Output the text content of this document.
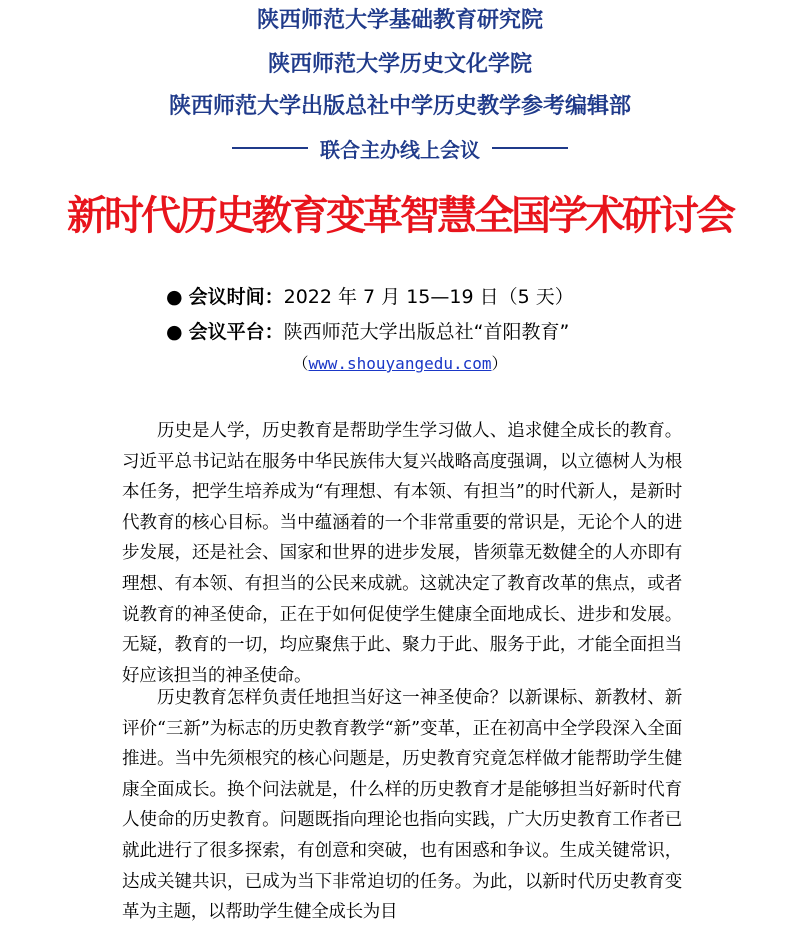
陕西师范大学基础教育研究院
陕西师范大学历史文化学院
陕西师范大学出版总社中学历史教学参考编辑部
联合主办线上会议
新时代历史教育变革智慧全国学术研讨会
● 会议时间：2022 年 7 月 15—19 日（5 天）
● 会议平台：陕西师范大学出版总社“首阳教育”
（www.shouyangedu.com）

历史是人学，历史教育是帮助学生学习做人、追求健全成长的教育。习近平总书记站在服务中华民族伟大复兴战略高度强调，以立德树人为根本任务，把学生培养成为“有理想、有本领、有担当”的时代新人，是新时代教育的核心目标。当中蕴涵着的一个非常重要的常识是，无论个人的进步发展，还是社会、国家和世界的进步发展，皆须靠无数健全的人亦即有理想、有本领、有担当的公民来成就。这就决定了教育改革的焦点，或者说教育的神圣使命，正在于如何促使学生健康全面地成长、进步和发展。无疑，教育的一切，均应聚焦于此、聚力于此、服务于此，才能全面担当好应该担当的神圣使命。

历史教育怎样负责任地担当好这一神圣使命？以新课标、新教材、新评价“三新”为标志的历史教育教学“新”变革，正在初高中全学段深入全面推进。当中先须根究的核心问题是，历史教育究竟怎样做才能帮助学生健康全面成长。换个问法就是，什么样的历史教育才是能够担当好新时代育人使命的历史教育。问题既指向理论也指向实践，广大历史教育工作者已就此进行了很多探索，有创意和突破，也有困惑和争议。生成关键常识，达成关键共识，已成为当下非常迫切的任务。为此，以新时代历史教育变革为主题，以帮助学生健全成长为目
